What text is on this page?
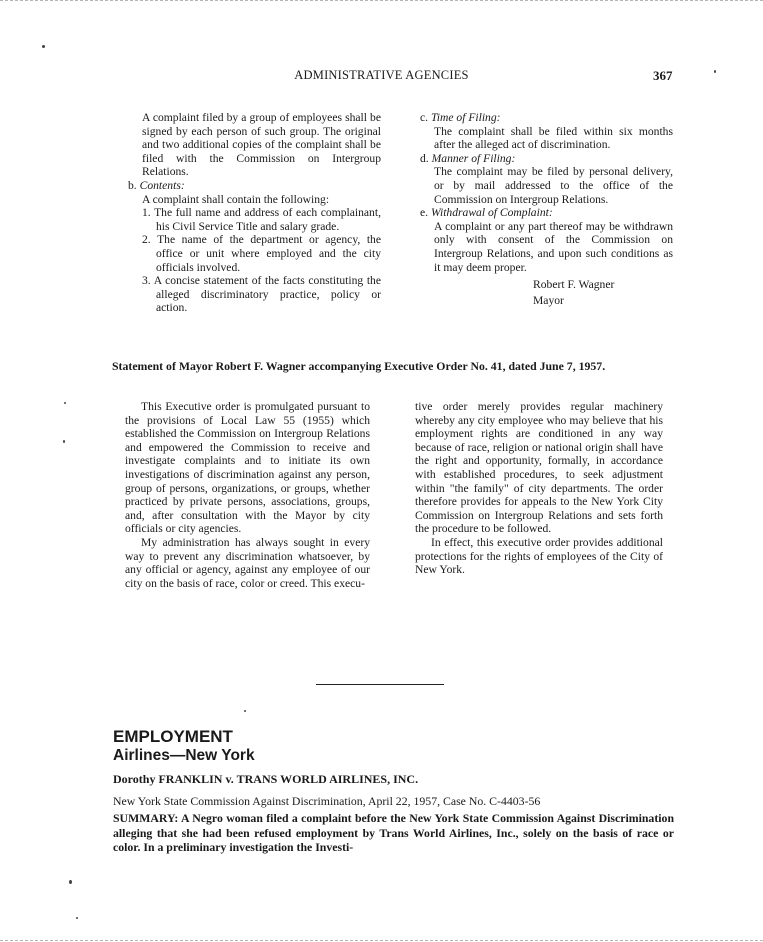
ADMINISTRATIVE AGENCIES	367

A complaint filed by a group of employees shall be signed by each person of such group. The original and two additional copies of the complaint shall be filed with the Commission on Intergroup Relations.

b. Contents:

A complaint shall contain the following:

1. The full name and address of each complainant, his Civil Service Title and salary grade.

2. The name of the department or agency, the office or unit where employed and the city officials involved.

3. A concise statement of the facts constituting the alleged discriminatory practice, policy or action.

c. Time of Filing:

The complaint shall be filed within six months after the alleged act of discrimination.

d. Manner of Filing:

The complaint may be filed by personal delivery, or by mail addressed to the office of the Commission on Intergroup Relations.

e. Withdrawal of Complaint:

A complaint or any part thereof may be withdrawn only with consent of the Commission on Intergroup Relations, and upon such conditions as it may deem proper.

Robert F. Wagner

Mayor

Statement of Mayor Robert F. Wagner accompanying Executive Order No. 41, dated June 7, 1957.

This Executive order is promulgated pursuant to the provisions of Local Law 55 (1955) which established the Commission on Intergroup Relations and empowered the Commission to receive and investigate complaints and to initiate its own investigations of discrimination against any person, group of persons, organizations, or groups, whether practiced by private persons, associations, groups, and, after consultation with the Mayor by city officials or city agencies.

My administration has always sought in every way to prevent any discrimination whatsoever, by any official or agency, against any employee of our city on the basis of race, color or creed. This execu-

tive order merely provides regular machinery whereby any city employee who may believe that his employment rights are conditioned in any way because of race, religion or national origin shall have the right and opportunity, formally, in accordance with established procedures, to seek adjustment within "the family" of city departments. The order therefore provides for appeals to the New York City Commission on Intergroup Relations and sets forth the procedure to be followed.

In effect, this executive order provides additional protections for the rights of employees of the City of New York.

EMPLOYMENT
Airlines—New York
Dorothy FRANKLIN v. TRANS WORLD AIRLINES, INC.
New York State Commission Against Discrimination, April 22, 1957, Case No. C-4403-56
SUMMARY: A Negro woman filed a complaint before the New York State Commission Against Discrimination alleging that she had been refused employment by Trans World Airlines, Inc., solely on the basis of race or color. In a preliminary investigation the Investi-
